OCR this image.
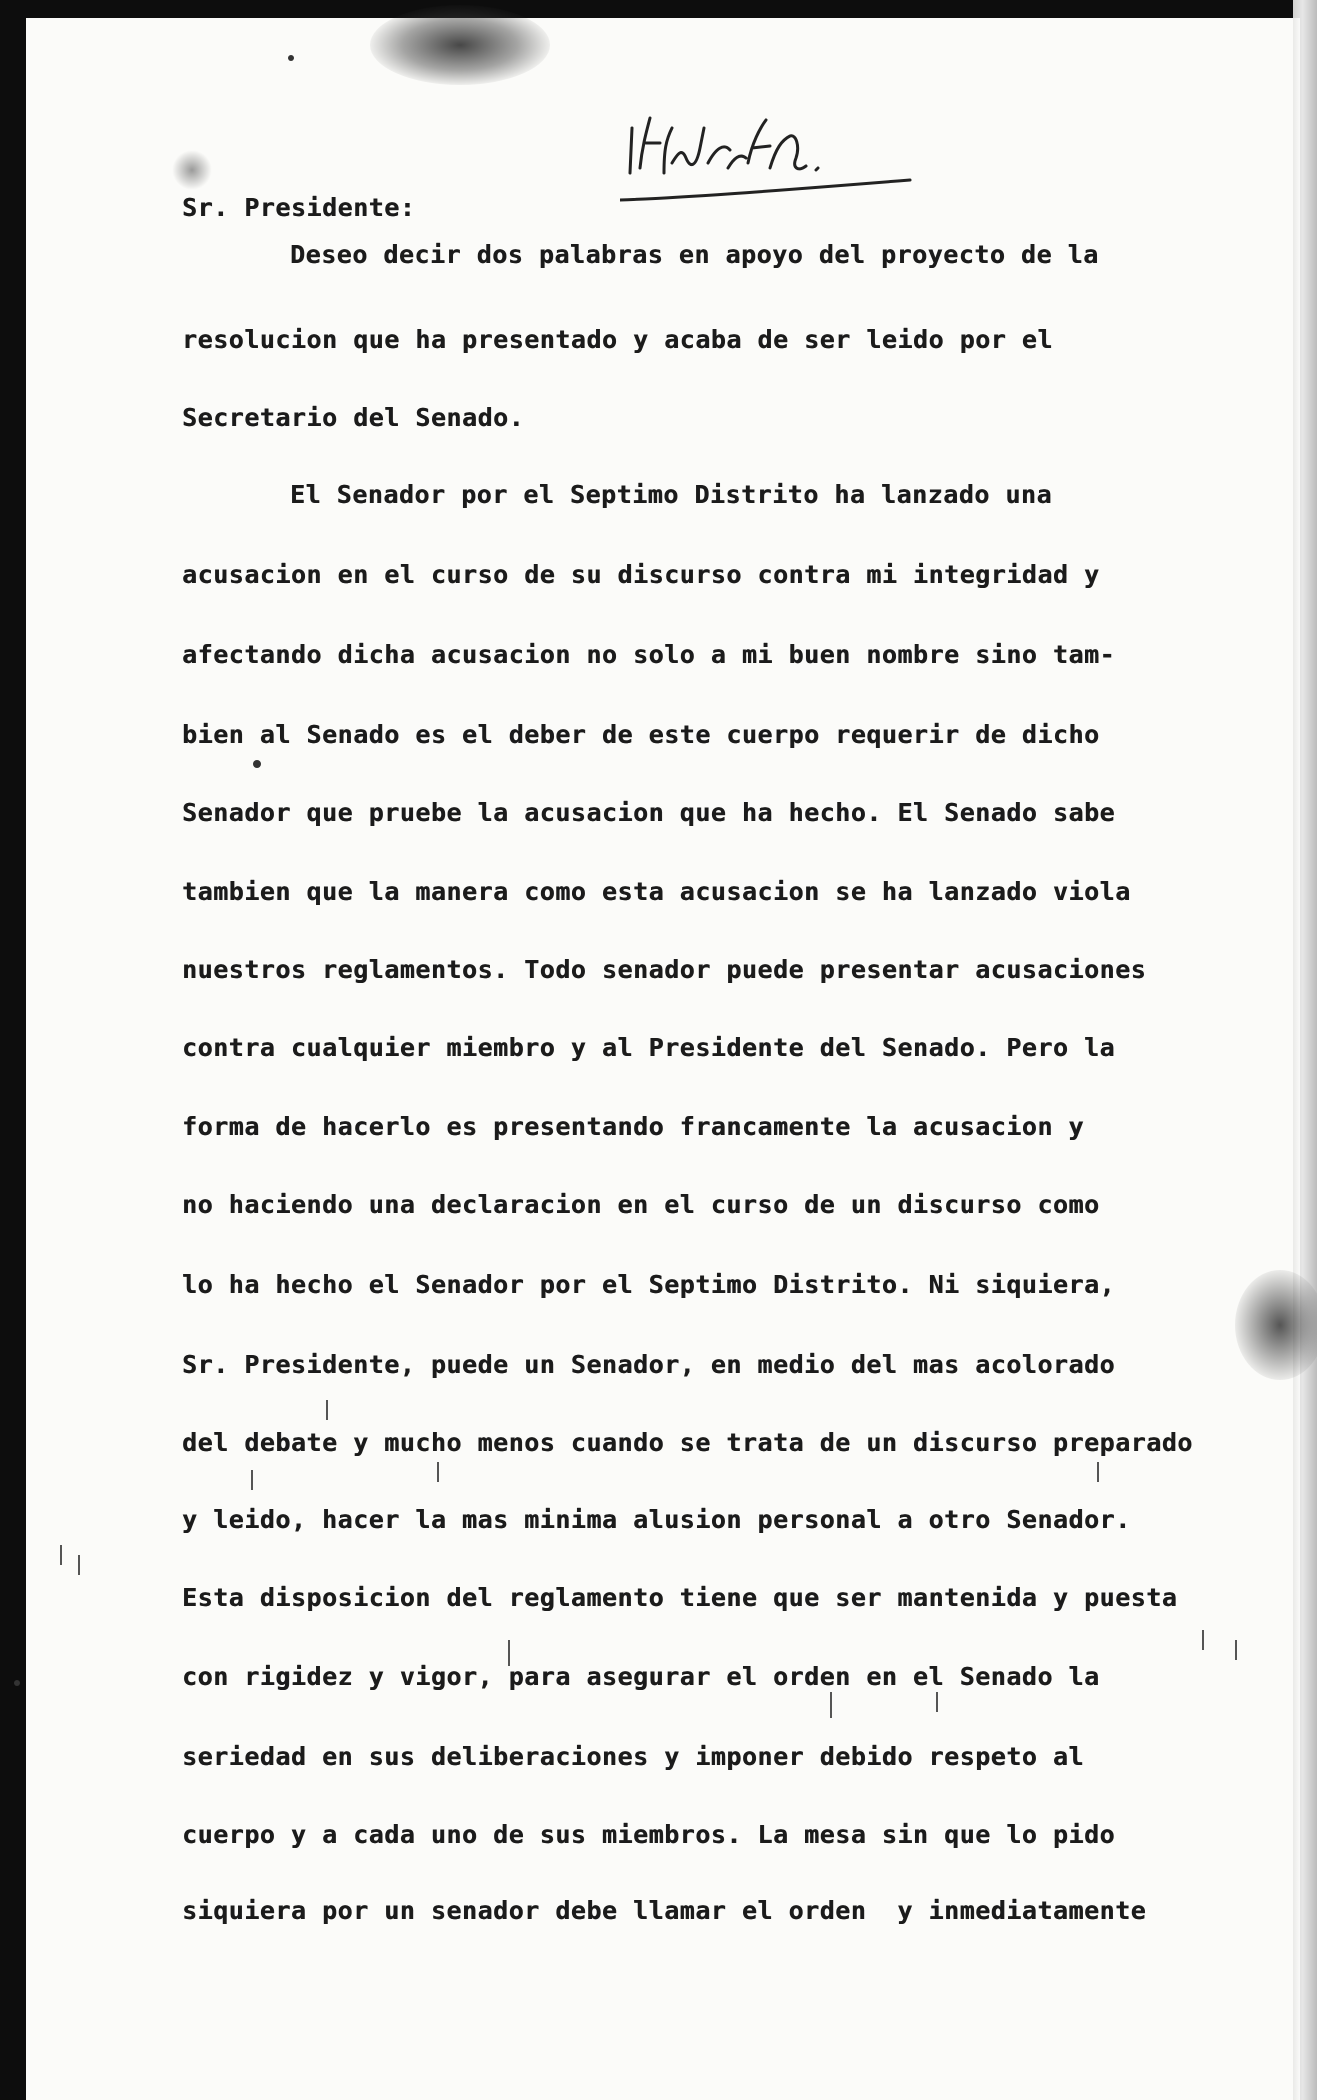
1st draft.
Sr. Presidente:
Deseo decir dos palabras en apoyo del proyecto de la
resolucion que ha presentado y acaba de ser leido por el
Secretario del Senado.
El Senador por el Septimo Distrito ha lanzado una
acusacion en el curso de su discurso contra mi integridad y
afectando dicha acusacion no solo a mi buen nombre sino tam-
bien al Senado es el deber de este cuerpo requerir de dicho
Senador que pruebe la acusacion que ha hecho. El Senado sabe
tambien que la manera como esta acusacion se ha lanzado viola
nuestros reglamentos. Todo senador puede presentar acusaciones
contra cualquier miembro y al Presidente del Senado. Pero la
forma de hacerlo es presentando francamente la acusacion y
no haciendo una declaracion en el curso de un discurso como
lo ha hecho el Senador por el Septimo Distrito. Ni siquiera,
Sr. Presidente, puede un Senador, en medio del mas acolorado
del debate y mucho menos cuando se trata de un discurso preparado
y leido, hacer la mas minima alusion personal a otro Senador.
Esta disposicion del reglamento tiene que ser mantenida y puesta
con rigidez y vigor, para asegurar el orden en el Senado la
seriedad en sus deliberaciones y imponer debido respeto al
cuerpo y a cada uno de sus miembros. La mesa sin que lo pido
siquiera por un senador debe llamar el orden  y inmediatamente
